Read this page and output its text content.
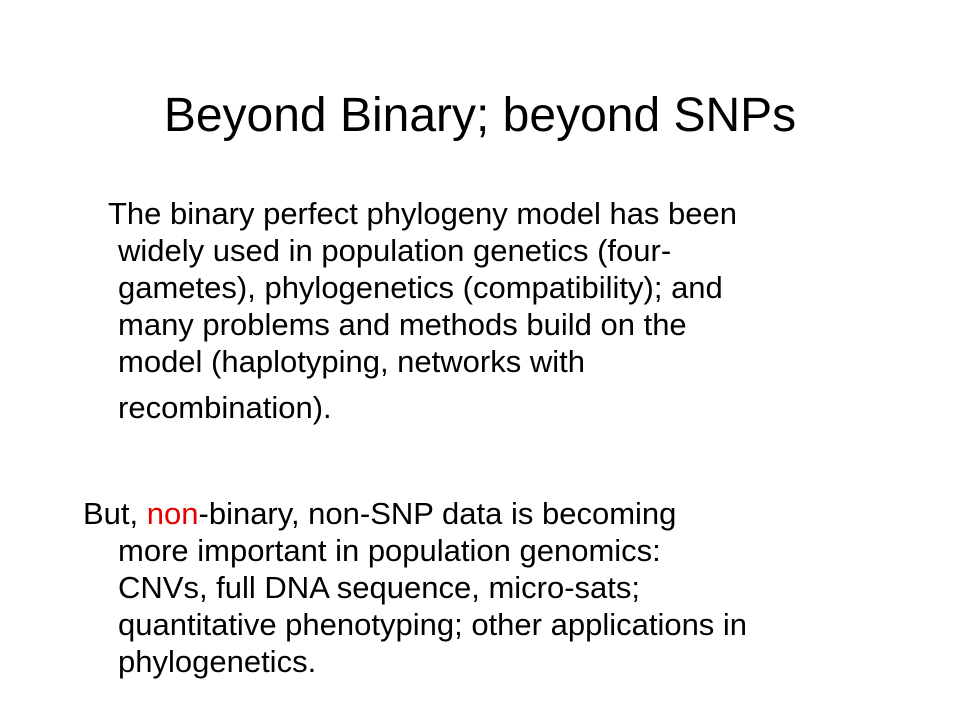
Beyond Binary; beyond SNPs
The binary perfect phylogeny model has been
widely used in population genetics (four-
gametes), phylogenetics (compatibility); and
many problems and methods build on the
model (haplotyping, networks with
recombination).
But, non-binary, non-SNP data is becoming
more important in population genomics:
CNVs, full DNA sequence, micro-sats;
quantitative phenotyping; other applications in
phylogenetics.
